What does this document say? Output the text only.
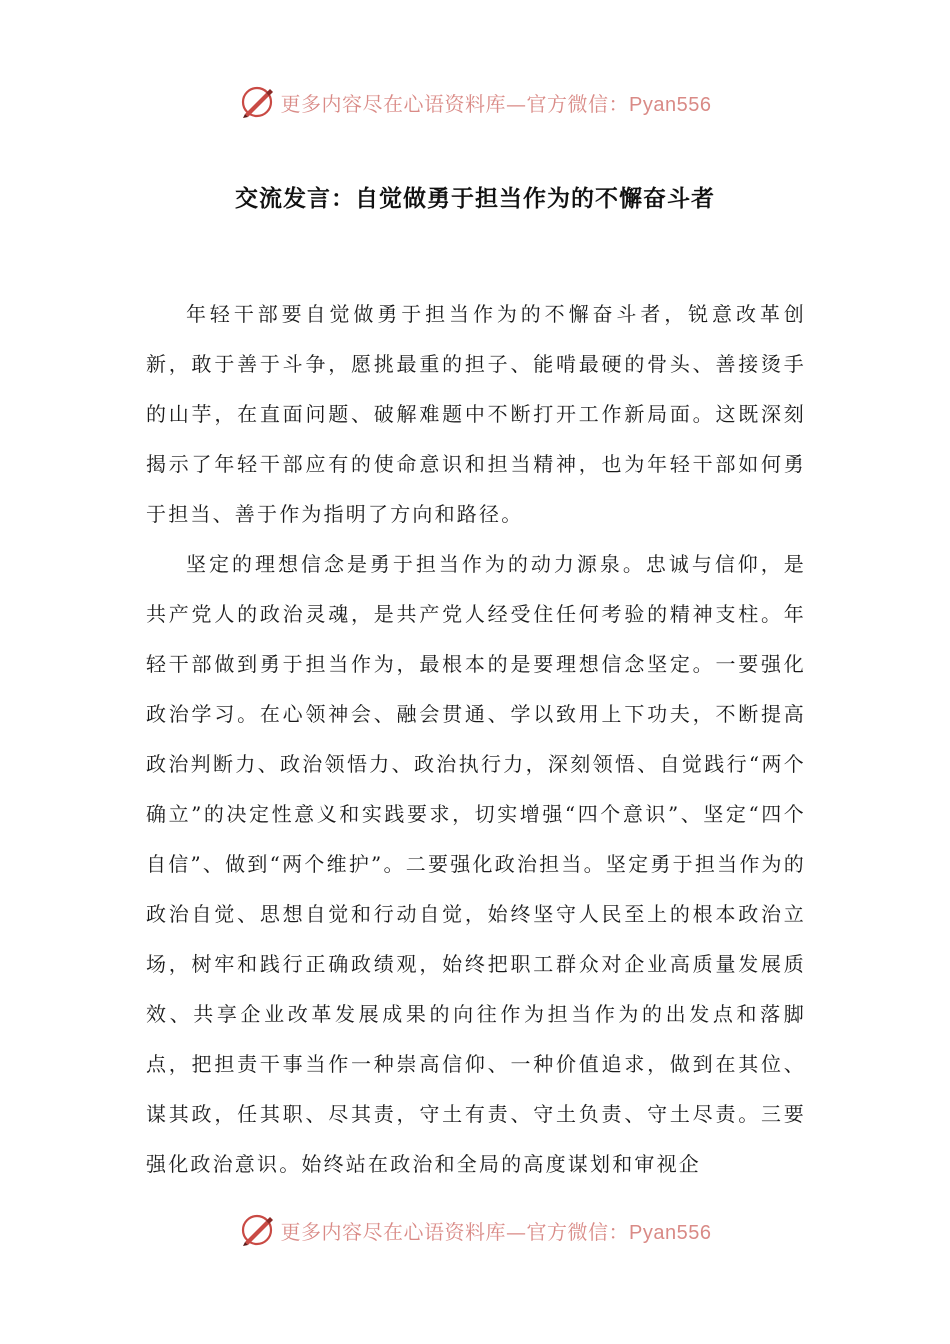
更多内容尽在心语资料库—官方微信：Pyan556
交流发言：自觉做勇于担当作为的不懈奋斗者

年轻干部要自觉做勇于担当作为的不懈奋斗者，锐意改革创新，敢于善于斗争，愿挑最重的担子、能啃最硬的骨头、善接烫手的山芋，在直面问题、破解难题中不断打开工作新局面。这既深刻揭示了年轻干部应有的使命意识和担当精神，也为年轻干部如何勇于担当、善于作为指明了方向和路径。

坚定的理想信念是勇于担当作为的动力源泉。忠诚与信仰，是共产党人的政治灵魂，是共产党人经受住任何考验的精神支柱。年轻干部做到勇于担当作为，最根本的是要理想信念坚定。一要强化政治学习。在心领神会、融会贯通、学以致用上下功夫，不断提高政治判断力、政治领悟力、政治执行力，深刻领悟、自觉践行“两个确立”的决定性意义和实践要求，切实增强“四个意识”、坚定“四个自信”、做到“两个维护”。二要强化政治担当。坚定勇于担当作为的政治自觉、思想自觉和行动自觉，始终坚守人民至上的根本政治立场，树牢和践行正确政绩观，始终把职工群众对企业高质量发展质效、共享企业改革发展成果的向往作为担当作为的出发点和落脚点，把担责干事当作一种崇高信仰、一种价值追求，做到在其位、谋其政，任其职、尽其责，守土有责、守土负责、守土尽责。三要强化政治意识。始终站在政治和全局的高度谋划和审视企

更多内容尽在心语资料库—官方微信：Pyan556
